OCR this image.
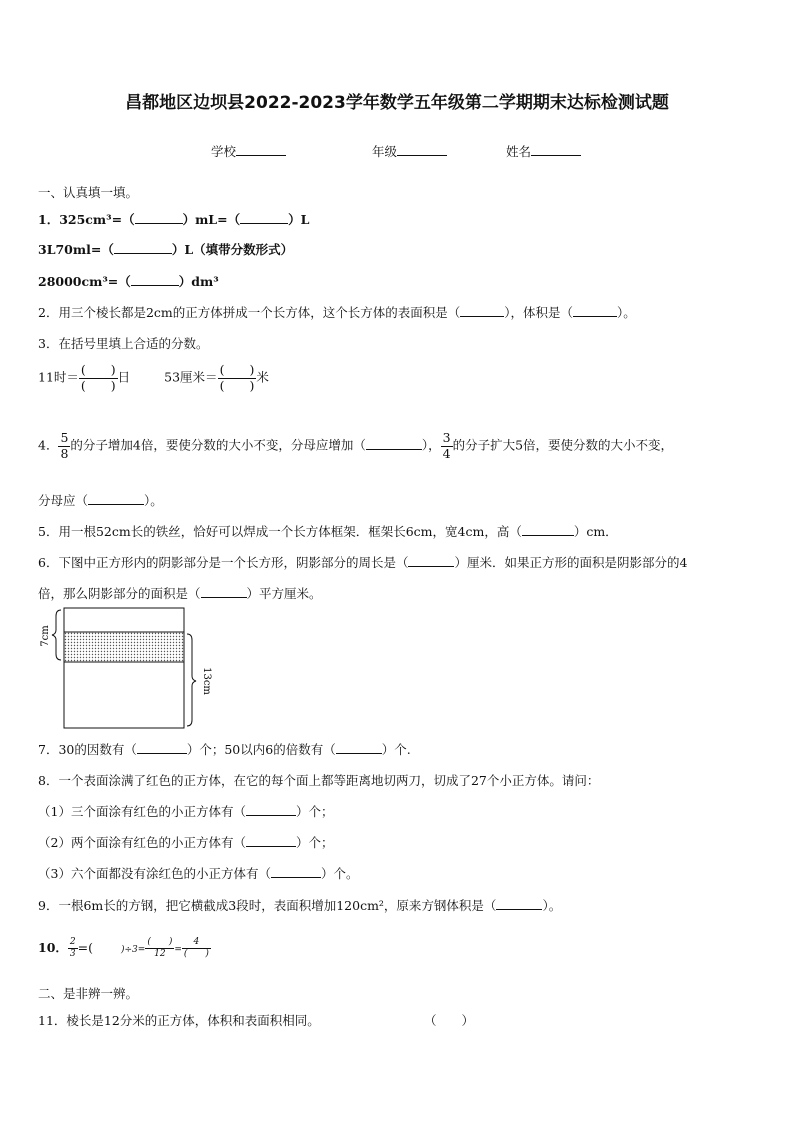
昌都地区边坝县2022-2023学年数学五年级第二学期期末达标检测试题
学校	年级	姓名
一、认真填一填。
1．325cm³=（	）mL=（	）L
3L70ml=（	）L（填带分数形式）
28000cm³=（	）dm³
2．用三个棱长都是2cm的正方体拼成一个长方体，这个长方体的表面积是（	），体积是（	）。
3．在括号里填上合适的分数。
11时＝ $\frac{( )}{( )}$ 日	53厘米＝ $\frac{( )}{( )}$ 米
4． $\frac{5}{8}$ 的分子增加4倍，要使分数的大小不变，分母应增加（	）， $\frac{3}{4}$ 的分子扩大5倍，要使分数的大小不变，
分母应（	）。
5．用一根52cm长的铁丝，恰好可以焊成一个长方体框架．框架长6cm，宽4cm，高（	）cm．
6．下图中正方形内的阴影部分是一个长方形，阴影部分的周长是（	）厘米．如果正方形的面积是阴影部分的4
倍，那么阴影部分的面积是（	）平方厘米。
7cm
13cm
7．30的因数有（	）个；50以内6的倍数有（	）个.
8．一个表面涂满了红色的正方体，在它的每个面上都等距离地切两刀，切成了27个小正方体。请问：
（1）三个面涂有红色的小正方体有（	）个；
（2）两个面涂有红色的小正方体有（	）个；
（3）六个面都没有涂红色的小正方体有（	）个。
9．一根6m长的方钢，把它横截成3段时，表面积增加120cm²，原来方钢体积是（	）。
10． $\frac{2}{3}$ =(	)$\div 3= \frac{( )}{12} = \frac{4}{( )}$
二、是非辨一辨。
11．棱长是12分米的正方体，体积和表面积相同。	（　　）
